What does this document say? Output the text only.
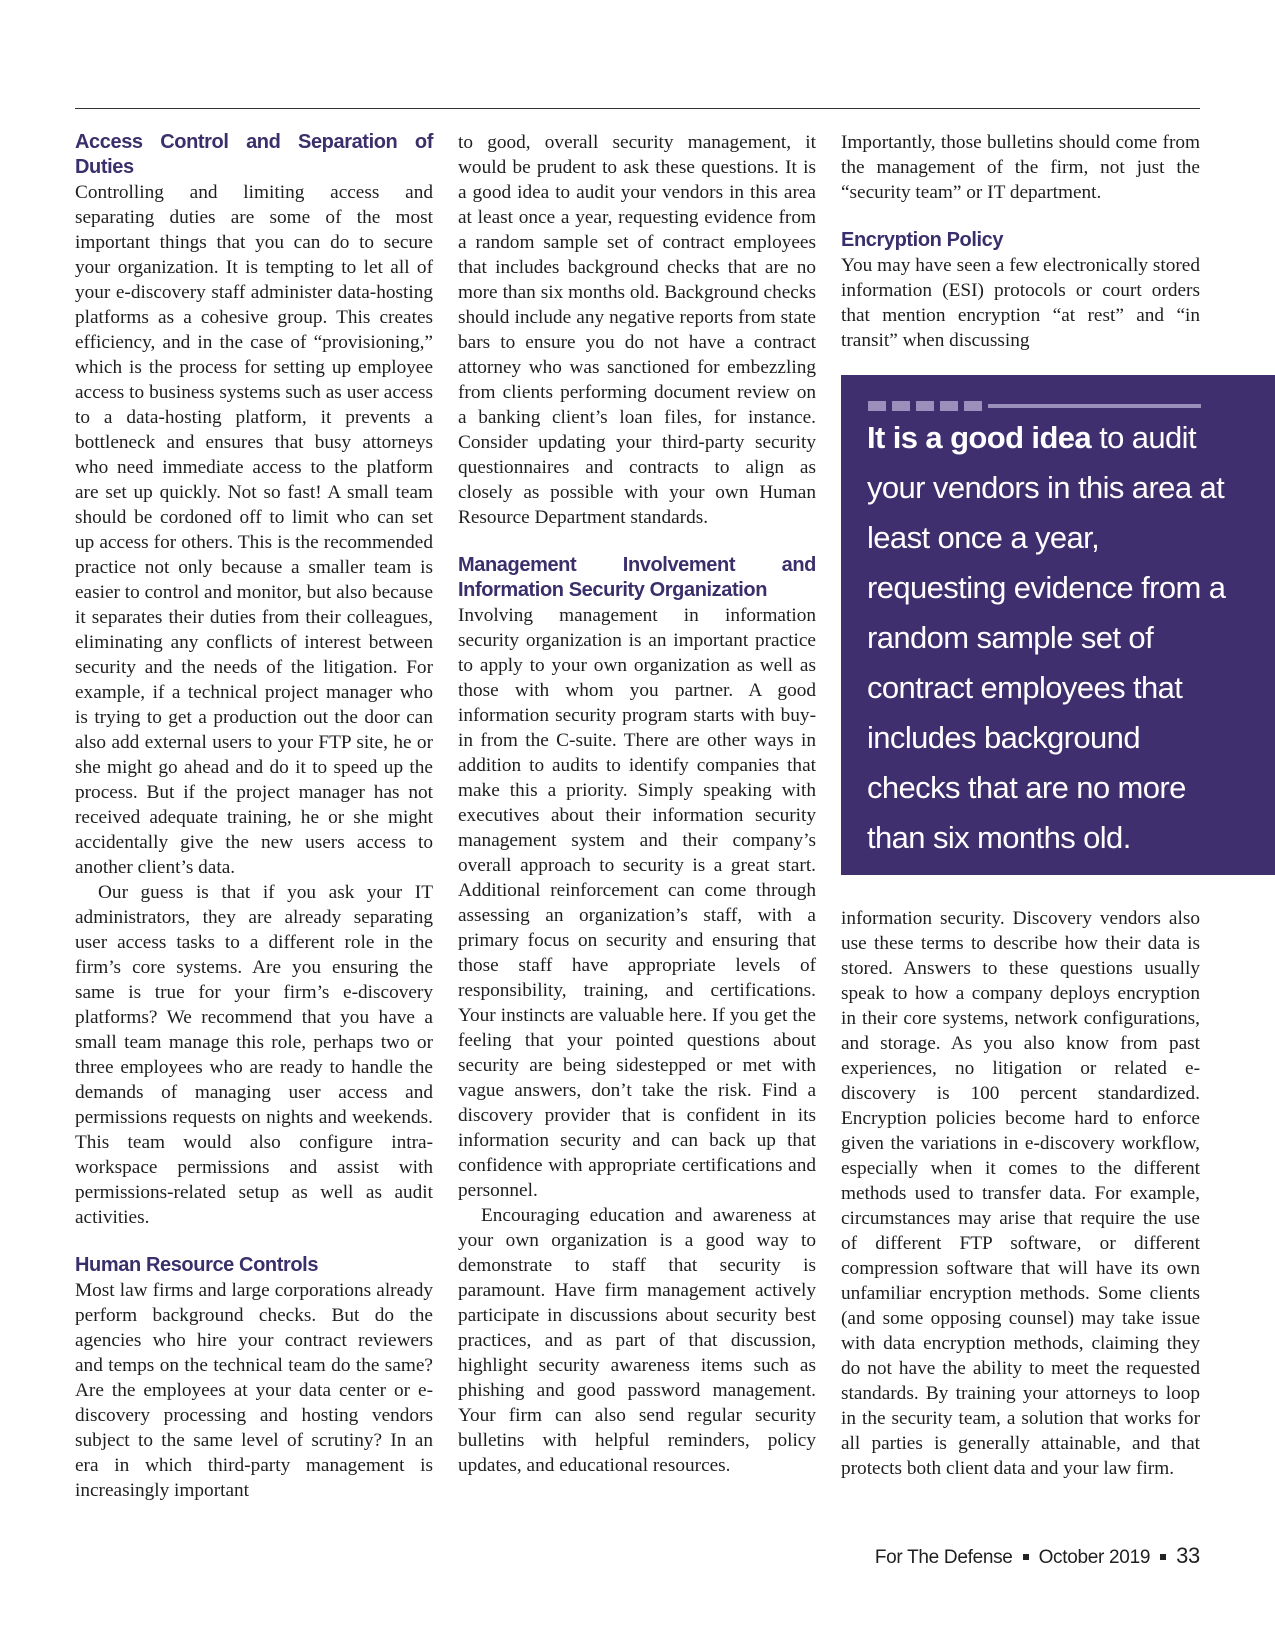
Access Control and Separation of Duties

Controlling and limiting access and separating duties are some of the most important things that you can do to secure your organization. It is tempting to let all of your e-discovery staff administer data-hosting platforms as a cohesive group. This creates efficiency, and in the case of “provisioning,” which is the process for setting up employee access to business systems such as user access to a data-hosting platform, it prevents a bottleneck and ensures that busy attorneys who need immediate access to the platform are set up quickly. Not so fast! A small team should be cordoned off to limit who can set up access for others. This is the recommended practice not only because a smaller team is easier to control and monitor, but also because it separates their duties from their colleagues, eliminating any conflicts of interest between security and the needs of the litigation. For example, if a technical project manager who is trying to get a production out the door can also add external users to your FTP site, he or she might go ahead and do it to speed up the process. But if the project manager has not received adequate training, he or she might accidentally give the new users access to another client’s data.

Our guess is that if you ask your IT administrators, they are already separating user access tasks to a different role in the firm’s core systems. Are you ensuring the same is true for your firm’s e-discovery platforms? We recommend that you have a small team manage this role, perhaps two or three employees who are ready to handle the demands of managing user access and permissions requests on nights and weekends. This team would also configure intra-workspace permissions and assist with permissions-related setup as well as audit activities.

Human Resource Controls

Most law firms and large corporations already perform background checks. But do the agencies who hire your contract reviewers and temps on the technical team do the same? Are the employees at your data center or e-discovery processing and hosting vendors subject to the same level of scrutiny? In an era in which third-party management is increasingly important

to good, overall security management, it would be prudent to ask these questions. It is a good idea to audit your vendors in this area at least once a year, requesting evidence from a random sample set of contract employees that includes background checks that are no more than six months old. Background checks should include any negative reports from state bars to ensure you do not have a contract attorney who was sanctioned for embezzling from clients performing document review on a banking client’s loan files, for instance. Consider updating your third-party security questionnaires and contracts to align as closely as possible with your own Human Resource Department standards.

Management Involvement and Information Security Organization

Involving management in information security organization is an important practice to apply to your own organization as well as those with whom you partner. A good information security program starts with buy-in from the C-suite. There are other ways in addition to audits to identify companies that make this a priority. Simply speaking with executives about their information security management system and their company’s overall approach to security is a great start. Additional reinforcement can come through assessing an organization’s staff, with a primary focus on security and ensuring that those staff have appropriate levels of responsibility, training, and certifications. Your instincts are valuable here. If you get the feeling that your pointed questions about security are being sidestepped or met with vague answers, don’t take the risk. Find a discovery provider that is confident in its information security and can back up that confidence with appropriate certifications and personnel.

Encouraging education and awareness at your own organization is a good way to demonstrate to staff that security is paramount. Have firm management actively participate in discussions about security best practices, and as part of that discussion, highlight security awareness items such as phishing and good password management. Your firm can also send regular security bulletins with helpful reminders, policy updates, and educational resources.

Importantly, those bulletins should come from the management of the firm, not just the “security team” or IT department.

Encryption Policy

You may have seen a few electronically stored information (ESI) protocols or court orders that mention encryption “at rest” and “in transit” when discussing

It is a good idea to audit your vendors in this area at least once a year, requesting evidence from a random sample set of contract employees that includes background checks that are no more than six months old.

information security. Discovery vendors also use these terms to describe how their data is stored. Answers to these questions usually speak to how a company deploys encryption in their core systems, network configurations, and storage. As you also know from past experiences, no litigation or related e-discovery is 100 percent standardized. Encryption policies become hard to enforce given the variations in e-discovery workflow, especially when it comes to the different methods used to transfer data. For example, circumstances may arise that require the use of different FTP software, or different compression software that will have its own unfamiliar encryption methods. Some clients (and some opposing counsel) may take issue with data encryption methods, claiming they do not have the ability to meet the requested standards. By training your attorneys to loop in the security team, a solution that works for all parties is generally attainable, and that protects both client data and your law firm.

For The Defense October 2019 33
